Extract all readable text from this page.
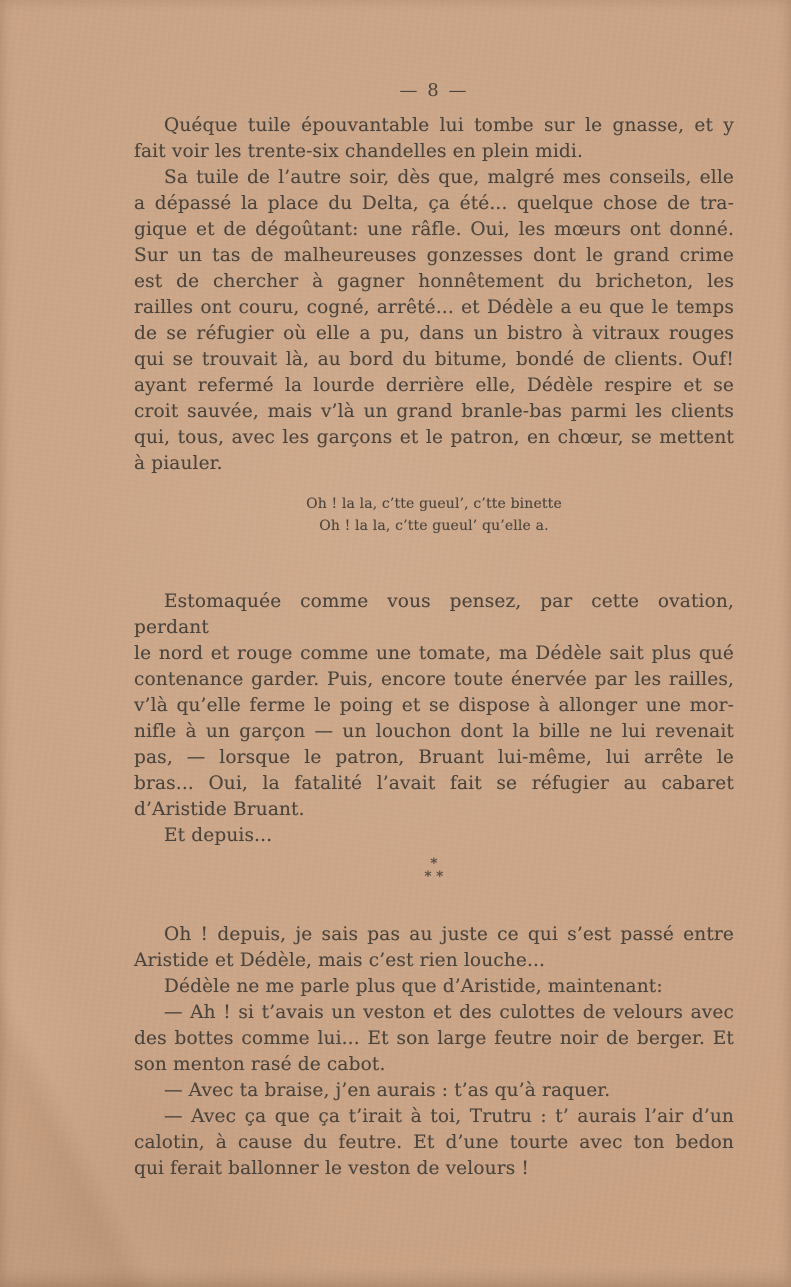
— 8 —

Quéque tuile épouvantable lui tombe sur le gnasse, et y

fait voir les trente-six chandelles en plein midi.

Sa tuile de l’autre soir, dès que, malgré mes conseils, elle

a dépassé la place du Delta, ça été... quelque chose de tra-

gique et de dégoûtant: une râfle. Oui, les mœurs ont donné.

Sur un tas de malheureuses gonzesses dont le grand crime

est de chercher à gagner honnêtement du bricheton, les

railles ont couru, cogné, arrêté... et Dédèle a eu que le temps

de se réfugier où elle a pu, dans un bistro à vitraux rouges

qui se trouvait là, au bord du bitume, bondé de clients. Ouf!

ayant refermé la lourde derrière elle, Dédèle respire et se

croit sauvée, mais v’là un grand branle-bas parmi les clients

qui, tous, avec les garçons et le patron, en chœur, se mettent

à piauler.

Oh ! la la, c’tte gueul’, c’tte binette

Oh ! la la, c’tte gueul’ qu’elle a.

Estomaquée comme vous pensez, par cette ovation, perdant

le nord et rouge comme une tomate, ma Dédèle sait plus qué

contenance garder. Puis, encore toute énervée par les railles,

v’là qu’elle ferme le poing et se dispose à allonger une mor-

nifle à un garçon — un louchon dont la bille ne lui revenait

pas, — lorsque le patron, Bruant lui-même, lui arrête le

bras... Oui, la fatalité l’avait fait se réfugier au cabaret

d’Aristide Bruant.

Et depuis...

*

* *

Oh ! depuis, je sais pas au juste ce qui s’est passé entre

Aristide et Dédèle, mais c’est rien louche...

Dédèle ne me parle plus que d’Aristide, maintenant:

— Ah ! si t’avais un veston et des culottes de velours avec

des bottes comme lui... Et son large feutre noir de berger. Et

son menton rasé de cabot.

— Avec ta braise, j’en aurais : t’as qu’à raquer.

— Avec ça que ça t’irait à toi, Trutru : t’ aurais l’air d’un

calotin, à cause du feutre. Et d’une tourte avec ton bedon

qui ferait ballonner le veston de velours !
